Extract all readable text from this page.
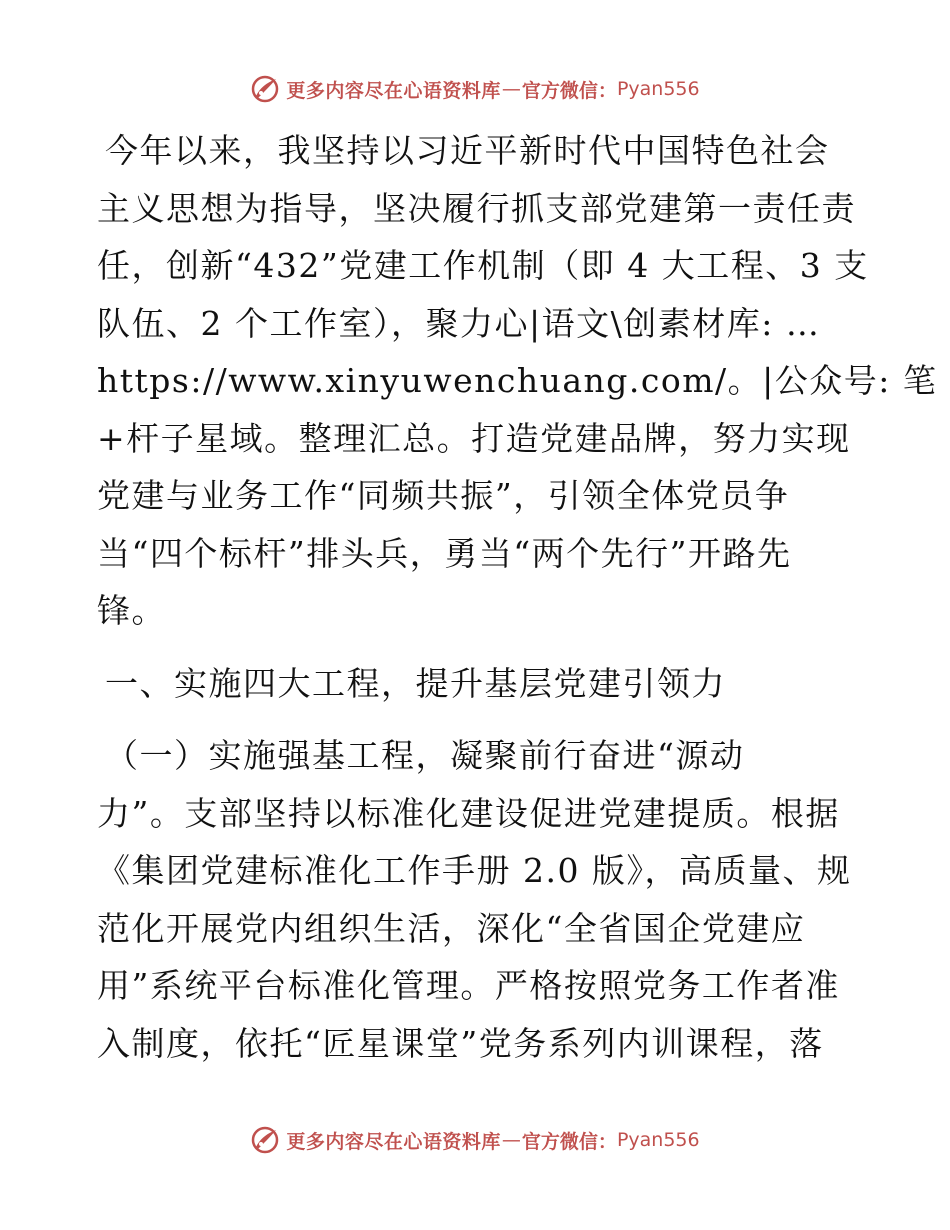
更多内容尽在心语资料库 — 官方微信： Pyan556
今年以来，我坚持以习近平新时代中国特色社会
主义思想为指导，坚决履行抓支部党建第一责任责
任，创新“432”党建工作机制（即 4 大工程、3 支
队伍、2 个工作室），聚力心|语文\创素材库: …
https://www.xinyuwenchuang.com/。|公众号: 笔
+杆子星域。整理汇总。打造党建品牌，努力实现
党建与业务工作“同频共振”，引领全体党员争
当“四个标杆”排头兵，勇当“两个先行”开路先
锋。
一、实施四大工程，提升基层党建引领力
（一）实施强基工程，凝聚前行奋进“源动
力”。支部坚持以标准化建设促进党建提质。根据
《集团党建标准化工作手册 2.0 版》，高质量、规
范化开展党内组织生活，深化“全省国企党建应
用”系统平台标准化管理。严格按照党务工作者准
入制度，依托“匠星课堂”党务系列内训课程，落
更多内容尽在心语资料库 — 官方微信： Pyan556
